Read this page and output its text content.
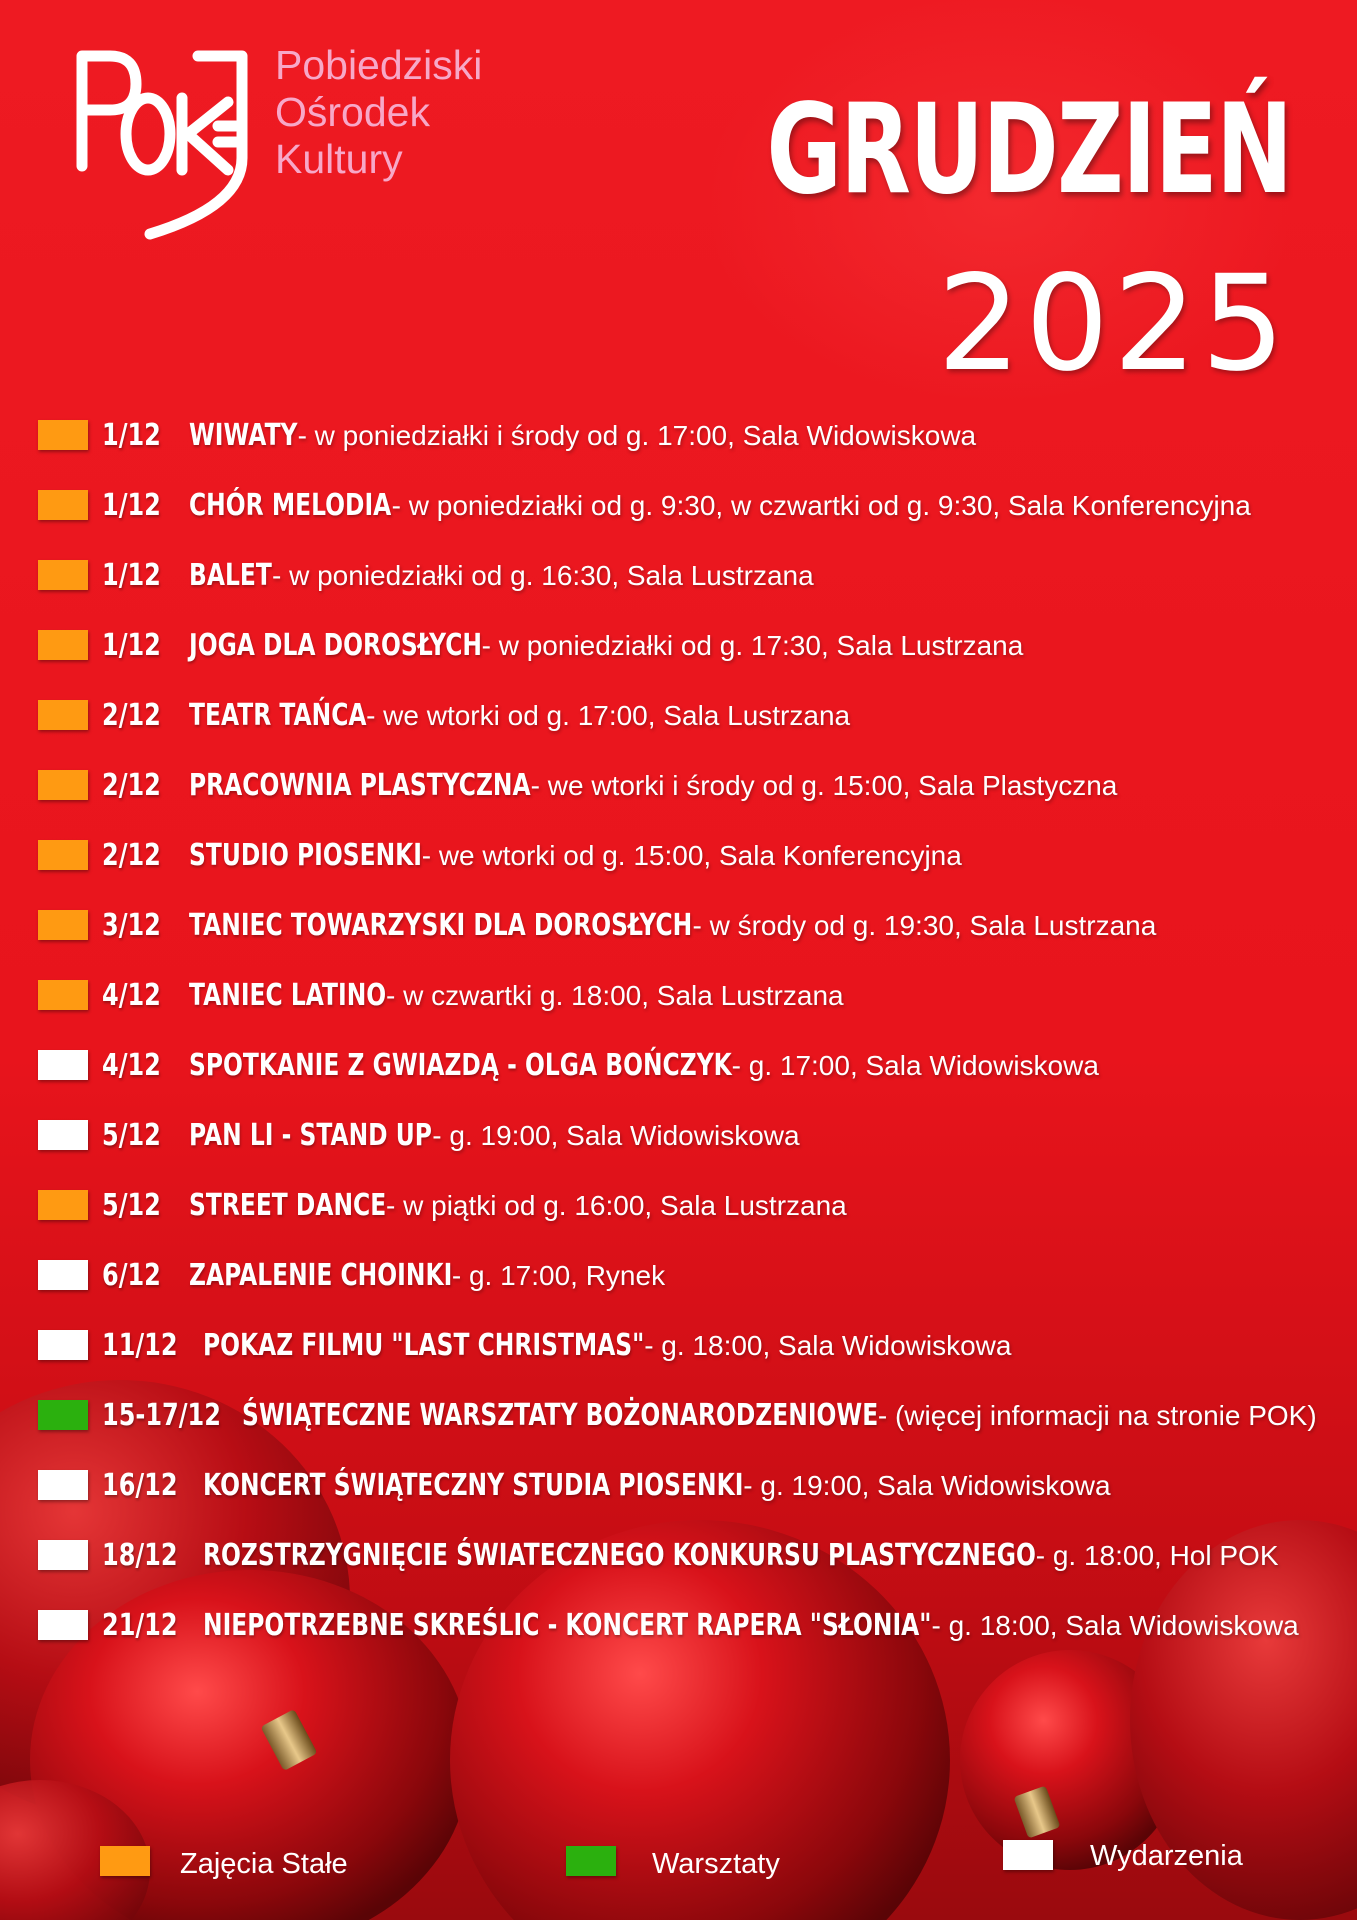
Pobiedziski
Ośrodek
Kultury	GRUDZIEŃ
2025
1/12 WIWATY - w poniedziałki i środy od g. 17:00, Sala Widowiskowa
1/12 CHÓR MELODIA - w poniedziałki od g. 9:30, w czwartki od g. 9:30, Sala Konferencyjna
1/12 BALET - w poniedziałki od g. 16:30, Sala Lustrzana
1/12 JOGA DLA DOROSŁYCH - w poniedziałki od g. 17:30, Sala Lustrzana
2/12 TEATR TAŃCA - we wtorki od g. 17:00, Sala Lustrzana
2/12 PRACOWNIA PLASTYCZNA - we wtorki i środy od g. 15:00, Sala Plastyczna
2/12 STUDIO PIOSENKI - we wtorki od g. 15:00, Sala Konferencyjna
3/12 TANIEC TOWARZYSKI DLA DOROSŁYCH - w środy od g. 19:30, Sala Lustrzana
4/12 TANIEC LATINO - w czwartki g. 18:00, Sala Lustrzana
4/12 SPOTKANIE Z GWIAZDĄ - OLGA BOŃCZYK - g. 17:00, Sala Widowiskowa
5/12 PAN LI - STAND UP - g. 19:00, Sala Widowiskowa
5/12 STREET DANCE - w piątki od g. 16:00, Sala Lustrzana
6/12 ZAPALENIE CHOINKI - g. 17:00, Rynek
11/12 POKAZ FILMU "LAST CHRISTMAS" - g. 18:00, Sala Widowiskowa
15-17/12 ŚWIĄTECZNE WARSZTATY BOŻONARODZENIOWE - (więcej informacji na stronie POK)
16/12 KONCERT ŚWIĄTECZNY STUDIA PIOSENKI - g. 19:00, Sala Widowiskowa
18/12 ROZSTRZYGNIĘCIE ŚWIATECZNEGO KONKURSU PLASTYCZNEGO - g. 18:00, Hol POK
21/12 NIEPOTRZEBNE SKREŚLIC - KONCERT RAPERA "SŁONIA" - g. 18:00, Sala Widowiskowa
Zajęcia Stałe	Warsztaty	Wydarzenia
